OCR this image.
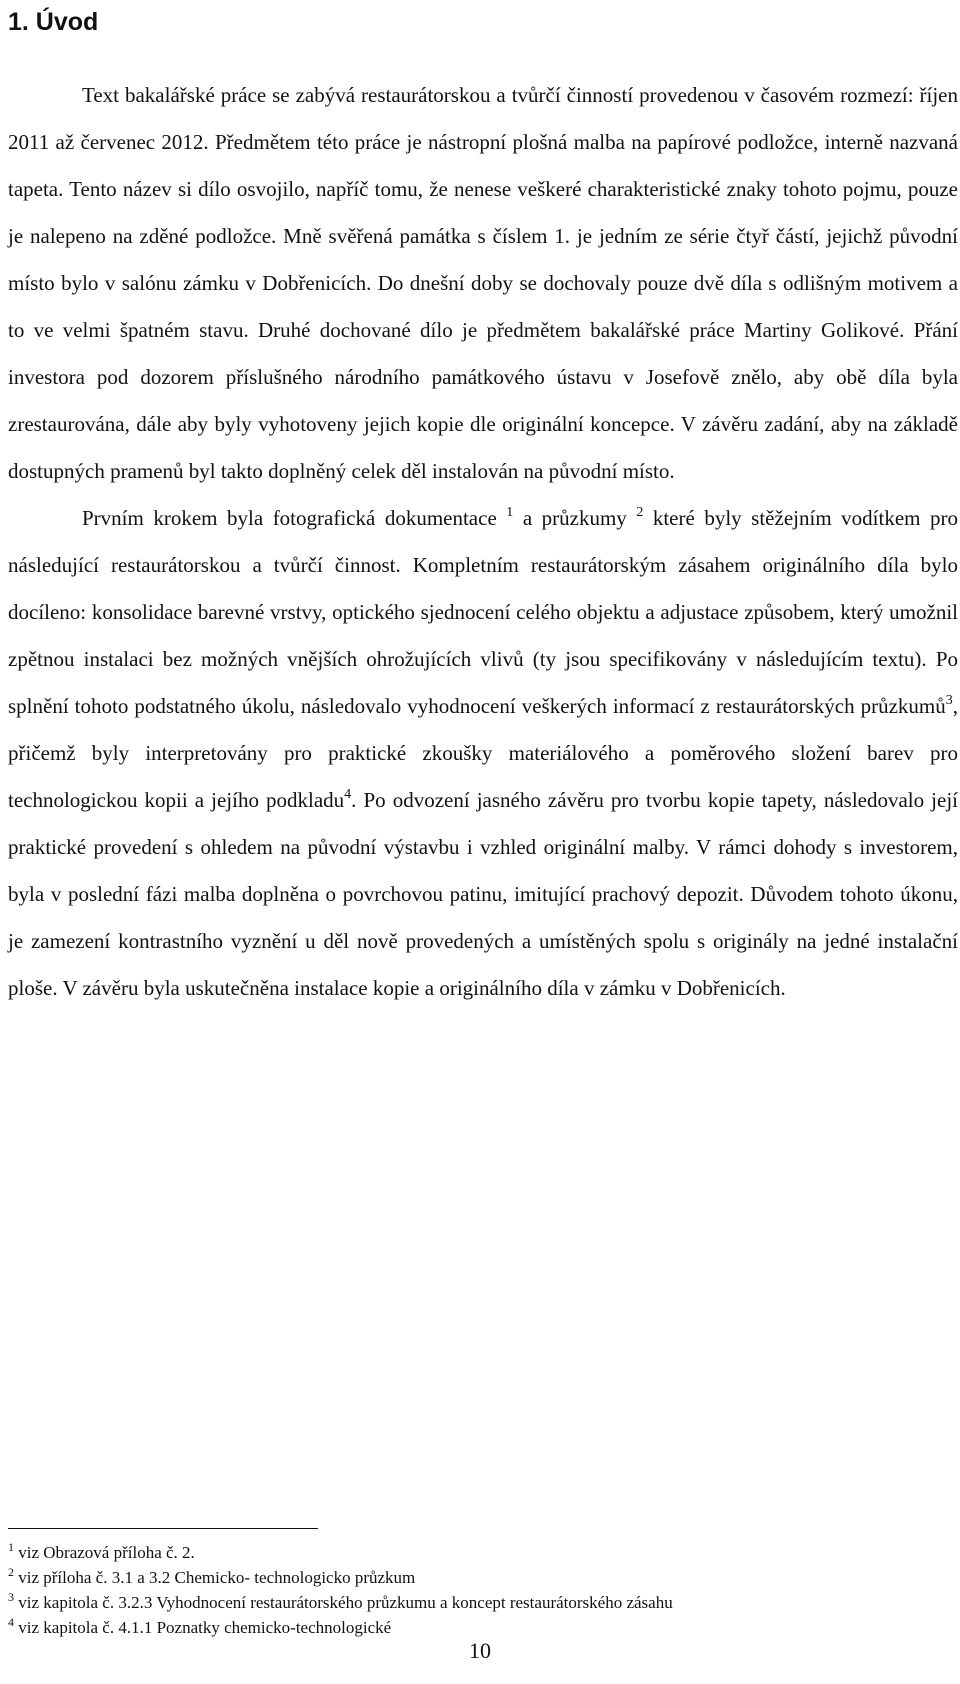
1. Úvod

Text bakalářské práce se zabývá restaurátorskou a tvůrčí činností provedenou v časovém rozmezí: říjen 2011 až červenec 2012. Předmětem této práce je nástropní plošná malba na papírové podložce, interně nazvaná tapeta. Tento název si dílo osvojilo, napříč tomu, že nenese veškeré charakteristické znaky tohoto pojmu, pouze je nalepeno na zděné podložce. Mně svěřená památka s číslem 1. je jedním ze série čtyř částí, jejichž původní místo bylo v salónu zámku v Dobřenicích. Do dnešní doby se dochovaly pouze dvě díla s odlišným motivem a to ve velmi špatném stavu. Druhé dochované dílo je předmětem bakalářské práce Martiny Golikové. Přání investora pod dozorem příslušného národního památkového ústavu v Josefově znělo, aby obě díla byla zrestaurována, dále aby byly vyhotoveny jejich kopie dle originální koncepce. V závěru zadání, aby na základě dostupných pramenů byl takto doplněný celek děl instalován na původní místo.

Prvním krokem byla fotografická dokumentace $^1$ a průzkumy $^2$ které byly stěžejním vodítkem pro následující restaurátorskou a tvůrčí činnost. Kompletním restaurátorským zásahem originálního díla bylo docíleno: konsolidace barevné vrstvy, optického sjednocení celého objektu a adjustace způsobem, který umožnil zpětnou instalaci bez možných vnějších ohrožujících vlivů (ty jsou specifikovány v následujícím textu). Po splnění tohoto podstatného úkolu, následovalo vyhodnocení veškerých informací z restaurátorských průzkumů$^3$, přičemž byly interpretovány pro praktické zkoušky materiálového a poměrového složení barev pro technologickou kopii a jejího podkladu$^4$. Po odvození jasného závěru pro tvorbu kopie tapety, následovalo její praktické provedení s ohledem na původní výstavbu i vzhled originální malby. V rámci dohody s investorem, byla v poslední fázi malba doplněna o povrchovou patinu, imitující prachový depozit. Důvodem tohoto úkonu, je zamezení kontrastního vyznění u děl nově provedených a umístěných spolu s originály na jedné instalační ploše. V závěru byla uskutečněna instalace kopie a originálního díla v zámku v Dobřenicích.

$^1$ viz Obrazová příloha č. 2.
$^2$ viz příloha č. 3.1 a 3.2 Chemicko- technologicko průzkum
$^3$ viz kapitola č. 3.2.3 Vyhodnocení restaurátorského průzkumu a koncept restaurátorského zásahu
$^4$ viz kapitola č. 4.1.1 Poznatky chemicko-technologické
10
